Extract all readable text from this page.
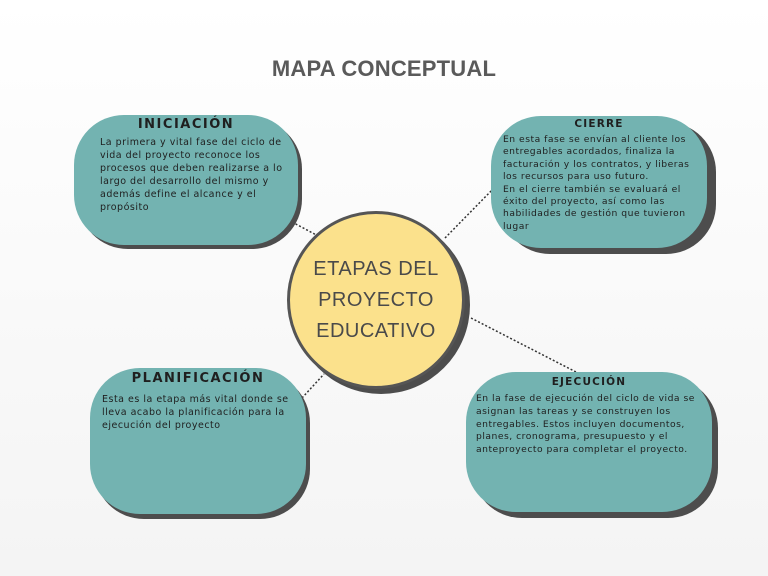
MAPA CONCEPTUAL
INICIACIÓN
La primera y vital fase del ciclo de vida del proyecto reconoce los procesos que deben realizarse a lo largo del desarrollo del mismo y además define el alcance y el propósito
CIERRE
En esta fase se envían al cliente los entregables acordados, finaliza la facturación y los contratos, y liberas los recursos para uso futuro.
En el cierre también se evaluará el éxito del proyecto, así como las habilidades de gestión que tuvieron lugar
PLANIFICACIÓN
Esta es la etapa más vital donde se lleva acabo la planificación para la ejecución del proyecto
EJECUCIÓN
En la fase de ejecución del ciclo de vida se asignan las tareas y se construyen los entregables. Estos incluyen documentos, planes, cronograma, presupuesto y el anteproyecto para completar el proyecto.
ETAPAS DEL PROYECTO EDUCATIVO
